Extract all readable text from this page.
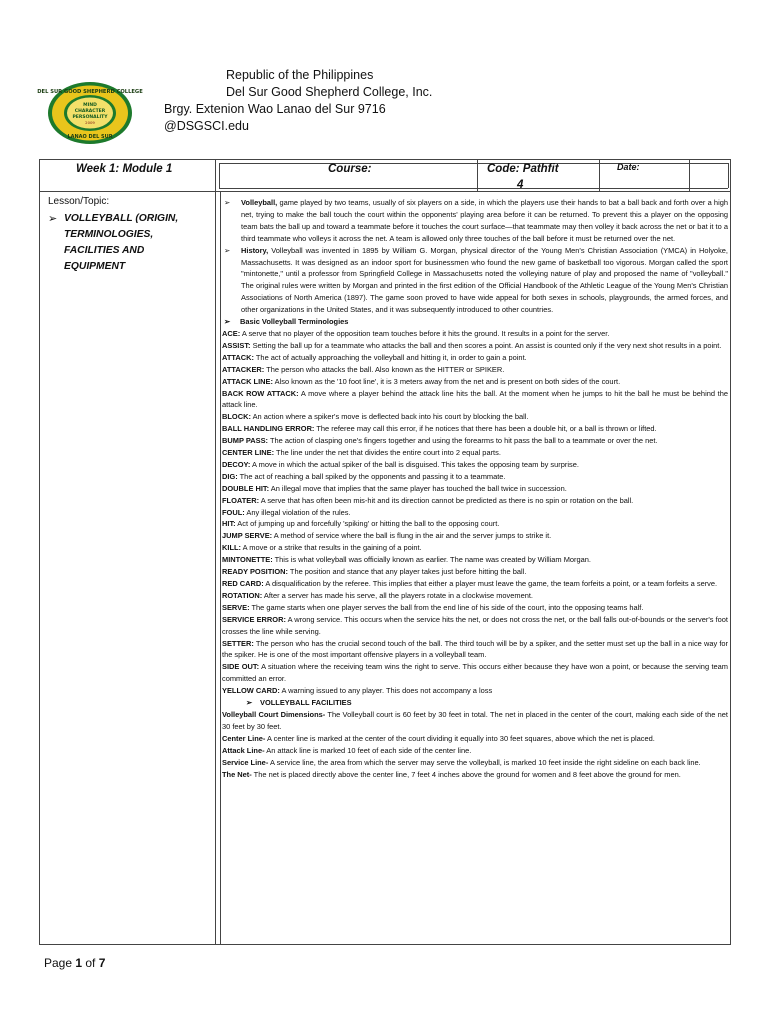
DEL SUR GOOD SHEPHERD COLLEGE
MIND
CHARACTER
PERSONALITY
2009
LANAO DEL SUR
Republic of the Philippines
Del Sur Good Shepherd College, Inc.
Brgy. Extenion Wao Lanao del Sur 9716
@DSGSCI.edu
Week 1: Module 1	Course:	Code: Pathfit
4
Date:
Lesson/Topic:
➢ VOLLEYBALL (ORIGIN, TERMINOLOGIES, FACILITIES AND EQUIPMENT

➢ Volleyball, game played by two teams, usually of six players on a side, in which the players use their hands to bat a ball back and forth over a high net, trying to make the ball touch the court within the opponents' playing area before it can be returned. To prevent this a player on the opposing team bats the ball up and toward a teammate before it touches the court surface—that teammate may then volley it back across the net or bat it to a third teammate who volleys it across the net. A team is allowed only three touches of the ball before it must be returned over the net.

➢ History, Volleyball was invented in 1895 by William G. Morgan, physical director of the Young Men's Christian Association (YMCA) in Holyoke, Massachusetts. It was designed as an indoor sport for businessmen who found the new game of basketball too vigorous. Morgan called the sport "mintonette," until a professor from Springfield College in Massachusetts noted the volleying nature of play and proposed the name of "volleyball." The original rules were written by Morgan and printed in the first edition of the Official Handbook of the Athletic League of the Young Men's Christian Associations of North America (1897). The game soon proved to have wide appeal for both sexes in schools, playgrounds, the armed forces, and other organizations in the United States, and it was subsequently introduced to other countries.

➢ Basic Volleyball Terminologies

ACE: A serve that no player of the opposition team touches before it hits the ground. It results in a point for the server.

ASSIST: Setting the ball up for a teammate who attacks the ball and then scores a point. An assist is counted only if the very next shot results in a point.

ATTACK: The act of actually approaching the volleyball and hitting it, in order to gain a point.

ATTACKER: The person who attacks the ball. Also known as the HITTER or SPIKER.

ATTACK LINE: Also known as the '10 foot line', it is 3 meters away from the net and is present on both sides of the court.

BACK ROW ATTACK: A move where a player behind the attack line hits the ball. At the moment when he jumps to hit the ball he must be behind the attack line.

BLOCK: An action where a spiker's move is deflected back into his court by blocking the ball.

BALL HANDLING ERROR: The referee may call this error, if he notices that there has been a double hit, or a ball is thrown or lifted.

BUMP PASS: The action of clasping one's fingers together and using the forearms to hit pass the ball to a teammate or over the net.

CENTER LINE: The line under the net that divides the entire court into 2 equal parts.

DECOY: A move in which the actual spiker of the ball is disguised. This takes the opposing team by surprise.

DIG: The act of reaching a ball spiked by the opponents and passing it to a teammate.

DOUBLE HIT: An illegal move that implies that the same player has touched the ball twice in succession.

FLOATER: A serve that has often been mis-hit and its direction cannot be predicted as there is no spin or rotation on the ball.

FOUL: Any illegal violation of the rules.

HIT: Act of jumping up and forcefully 'spiking' or hitting the ball to the opposing court.

JUMP SERVE: A method of service where the ball is flung in the air and the server jumps to strike it.

KILL: A move or a strike that results in the gaining of a point.

MINTONETTE: This is what volleyball was officially known as earlier. The name was created by William Morgan.

READY POSITION: The position and stance that any player takes just before hitting the ball.

RED CARD: A disqualification by the referee. This implies that either a player must leave the game, the team forfeits a point, or a team forfeits a serve.

ROTATION: After a server has made his serve, all the players rotate in a clockwise movement.

SERVE: The game starts when one player serves the ball from the end line of his side of the court, into the opposing teams half.

SERVICE ERROR: A wrong service. This occurs when the service hits the net, or does not cross the net, or the ball falls out-of-bounds or the server's foot crosses the line while serving.

SETTER: The person who has the crucial second touch of the ball. The third touch will be by a spiker, and the setter must set up the ball in a nice way for the spiker. He is one of the most important offensive players in a volleyball team.

SIDE OUT: A situation where the receiving team wins the right to serve. This occurs either because they have won a point, or because the serving team committed an error.

YELLOW CARD: A warning issued to any player. This does not accompany a loss

➢ VOLLEYBALL FACILITIES

Volleyball Court Dimensions- The Volleyball court is 60 feet by 30 feet in total. The net in placed in the center of the court, making each side of the net 30 feet by 30 feet.

Center Line- A center line is marked at the center of the court dividing it equally into 30 feet squares, above which the net is placed.

Attack Line- An attack line is marked 10 feet of each side of the center line.

Service Line- A service line, the area from which the server may serve the volleyball, is marked 10 feet inside the right sideline on each back line.

The Net- The net is placed directly above the center line, 7 feet 4 inches above the ground for women and 8 feet above the ground for men.

Page 1 of 7
